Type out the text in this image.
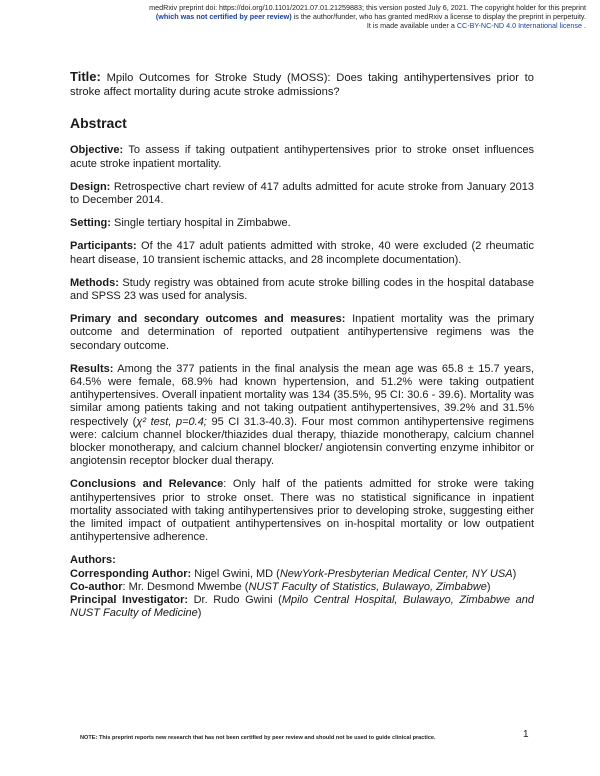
medRxiv preprint doi: https://doi.org/10.1101/2021.07.01.21259883; this version posted July 6, 2021. The copyright holder for this preprint
(which was not certified by peer review) is the author/funder, who has granted medRxiv a license to display the preprint in perpetuity.
It is made available under a CC-BY-NC-ND 4.0 International license .

Title: Mpilo Outcomes for Stroke Study (MOSS): Does taking antihypertensives prior to stroke affect mortality during acute stroke admissions?

Abstract

Objective: To assess if taking outpatient antihypertensives prior to stroke onset influences acute stroke inpatient mortality.

Design: Retrospective chart review of 417 adults admitted for acute stroke from January 2013 to December 2014.

Setting: Single tertiary hospital in Zimbabwe.

Participants: Of the 417 adult patients admitted with stroke, 40 were excluded (2 rheumatic heart disease, 10 transient ischemic attacks, and 28 incomplete documentation).

Methods: Study registry was obtained from acute stroke billing codes in the hospital database and SPSS 23 was used for analysis.

Primary and secondary outcomes and measures: Inpatient mortality was the primary outcome and determination of reported outpatient antihypertensive regimens was the secondary outcome.

Results: Among the 377 patients in the final analysis the mean age was 65.8 ± 15.7 years, 64.5% were female, 68.9% had known hypertension, and 51.2% were taking outpatient antihypertensives. Overall inpatient mortality was 134 (35.5%, 95 CI: 30.6 - 39.6). Mortality was similar among patients taking and not taking outpatient antihypertensives, 39.2% and 31.5% respectively (χ² test, p=0.4; 95 CI 31.3-40.3). Four most common antihypertensive regimens were: calcium channel blocker/thiazides dual therapy, thiazide monotherapy, calcium channel blocker monotherapy, and calcium channel blocker/ angiotensin converting enzyme inhibitor or angiotensin receptor blocker dual therapy.

Conclusions and Relevance: Only half of the patients admitted for stroke were taking antihypertensives prior to stroke onset. There was no statistical significance in inpatient mortality associated with taking antihypertensives prior to developing stroke, suggesting either the limited impact of outpatient antihypertensives on in-hospital mortality or low outpatient antihypertensive adherence.

Authors:
Corresponding Author: Nigel Gwini, MD (NewYork-Presbyterian Medical Center, NY USA)
Co-author: Mr. Desmond Mwembe (NUST Faculty of Statistics, Bulawayo, Zimbabwe)
Principal Investigator: Dr. Rudo Gwini (Mpilo Central Hospital, Bulawayo, Zimbabwe and NUST Faculty of Medicine)
NOTE: This preprint reports new research that has not been certified by peer review and should not be used to guide clinical practice.	1
